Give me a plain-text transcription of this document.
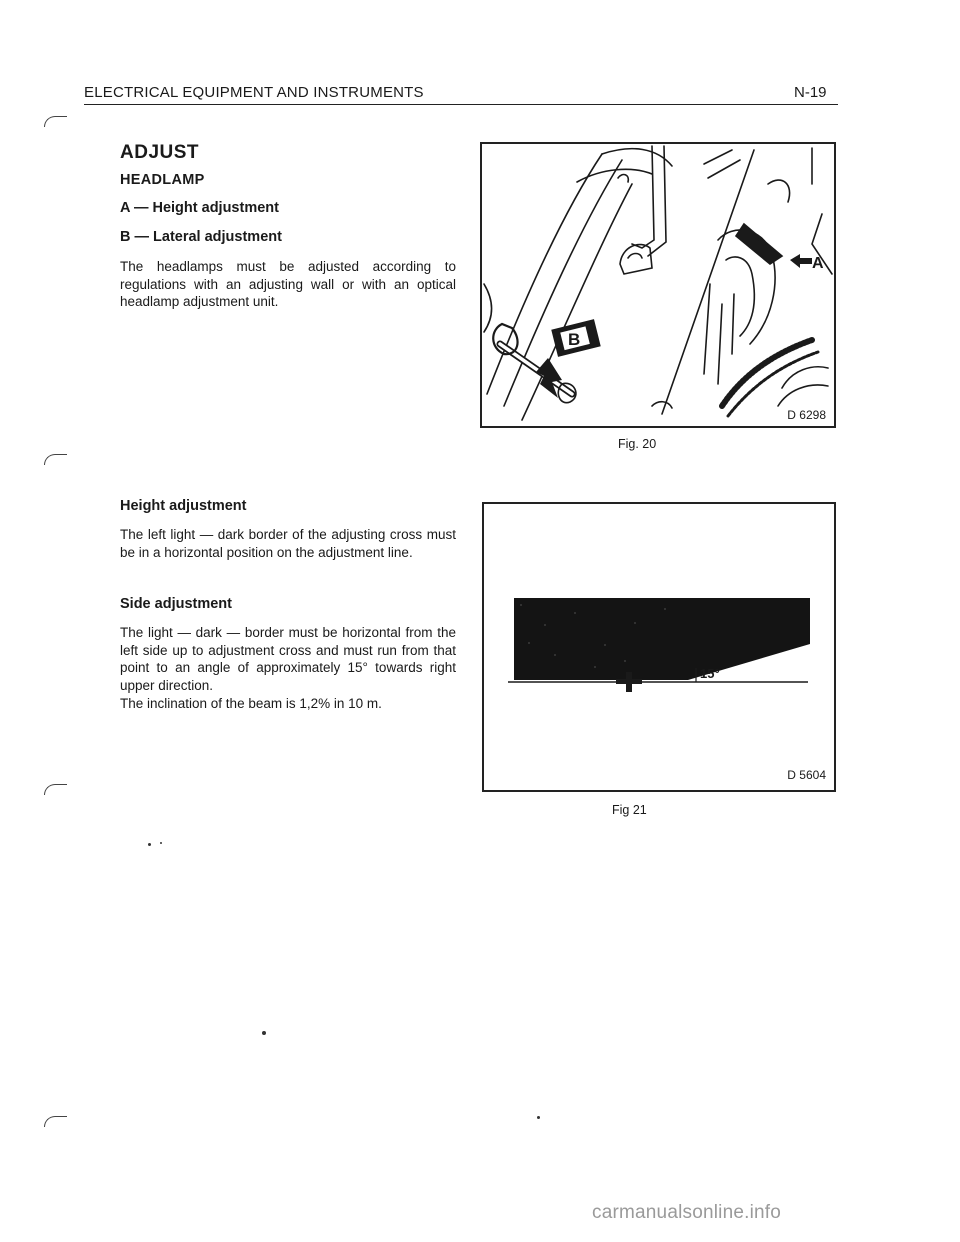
ELECTRICAL EQUIPMENT AND INSTRUMENTS	N-19
ADJUST
HEADLAMP
A — Height adjustment
B — Lateral adjustment
The headlamps must be adjusted according to regulations with an adjusting wall or with an optical headlamp adjustment unit.
Height adjustment
The left light — dark border of the adjusting cross must be in a horizontal position on the adjustment line.
Side adjustment
The light — dark — border must be horizontal from the left side up to adjustment cross and must run from that point to an angle of approximately 15° towards right upper direction.
The inclination of the beam is 1,2% in 10 m.
B
A
D 6298
Fig. 20
15°
D 5604
Fig 21
carmanualsonline.info
